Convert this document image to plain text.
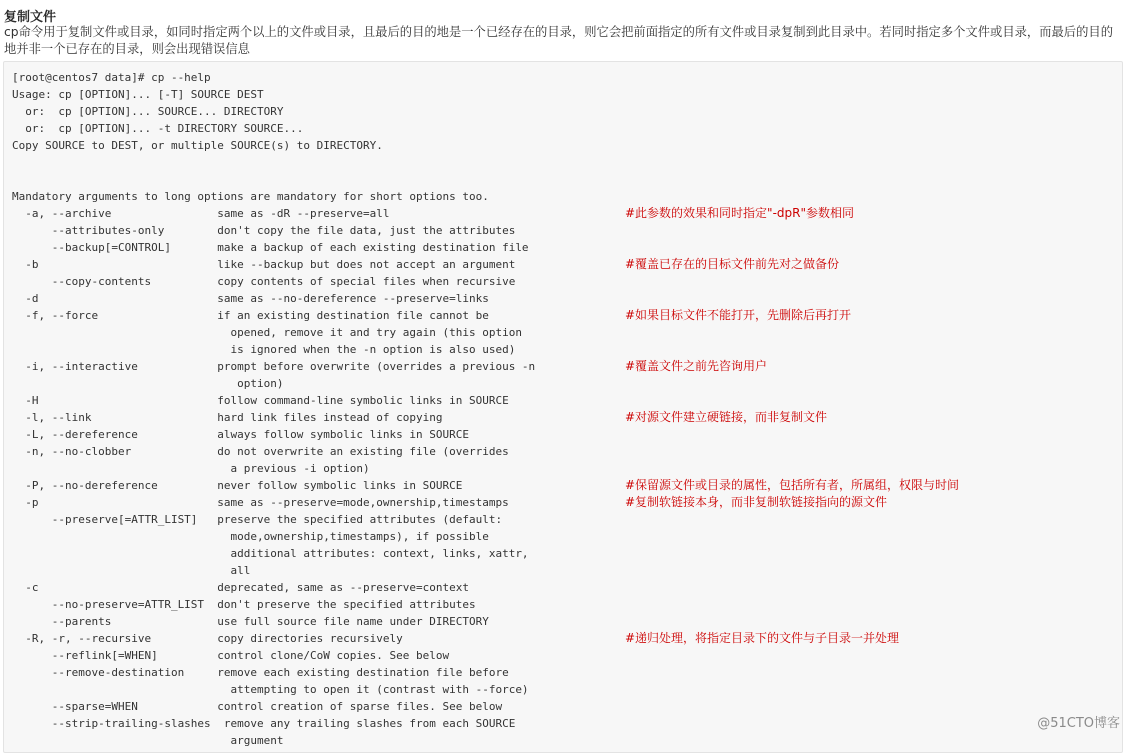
复制文件
cp命令用于复制文件或目录，如同时指定两个以上的文件或目录，且最后的目的地是一个已经存在的目录，则它会把前面指定的所有文件或目录复制到此目录中。若同时指定多个文件或目录，而最后的目的地并非一个已存在的目录，则会出现错误信息
[root@centos7 data]# cp --help
Usage: cp [OPTION]... [-T] SOURCE DEST
or:  cp [OPTION]... SOURCE... DIRECTORY
or:  cp [OPTION]... -t DIRECTORY SOURCE...
Copy SOURCE to DEST, or multiple SOURCE(s) to DIRECTORY.
Mandatory arguments to long options are mandatory for short options too.
-a, --archive                same as -dR --preserve=all
--attributes-only        don't copy the file data, just the attributes
--backup[=CONTROL]       make a backup of each existing destination file
-b                           like --backup but does not accept an argument
--copy-contents          copy contents of special files when recursive
-d                           same as --no-dereference --preserve=links
-f, --force                  if an existing destination file cannot be
opened, remove it and try again (this option
is ignored when the -n option is also used)
-i, --interactive            prompt before overwrite (overrides a previous -n
option)
-H                           follow command-line symbolic links in SOURCE
-l, --link                   hard link files instead of copying
-L, --dereference            always follow symbolic links in SOURCE
-n, --no-clobber             do not overwrite an existing file (overrides
a previous -i option)
-P, --no-dereference         never follow symbolic links in SOURCE
-p                           same as --preserve=mode,ownership,timestamps
--preserve[=ATTR_LIST]   preserve the specified attributes (default:
mode,ownership,timestamps), if possible
additional attributes: context, links, xattr,
all
-c                           deprecated, same as --preserve=context
--no-preserve=ATTR_LIST  don't preserve the specified attributes
--parents                use full source file name under DIRECTORY
-R, -r, --recursive          copy directories recursively
--reflink[=WHEN]         control clone/CoW copies. See below
--remove-destination     remove each existing destination file before
attempting to open it (contrast with --force)
--sparse=WHEN            control creation of sparse files. See below
--strip-trailing-slashes  remove any trailing slashes from each SOURCE
argument
#此参数的效果和同时指定"-dpR"参数相同
#覆盖已存在的目标文件前先对之做备份
#如果目标文件不能打开，先删除后再打开
#覆盖文件之前先咨询用户
#对源文件建立硬链接，而非复制文件
#保留源文件或目录的属性，包括所有者，所属组，权限与时间
#复制软链接本身，而非复制软链接指向的源文件
#递归处理，将指定目录下的文件与子目录一并处理
@51CTO博客
